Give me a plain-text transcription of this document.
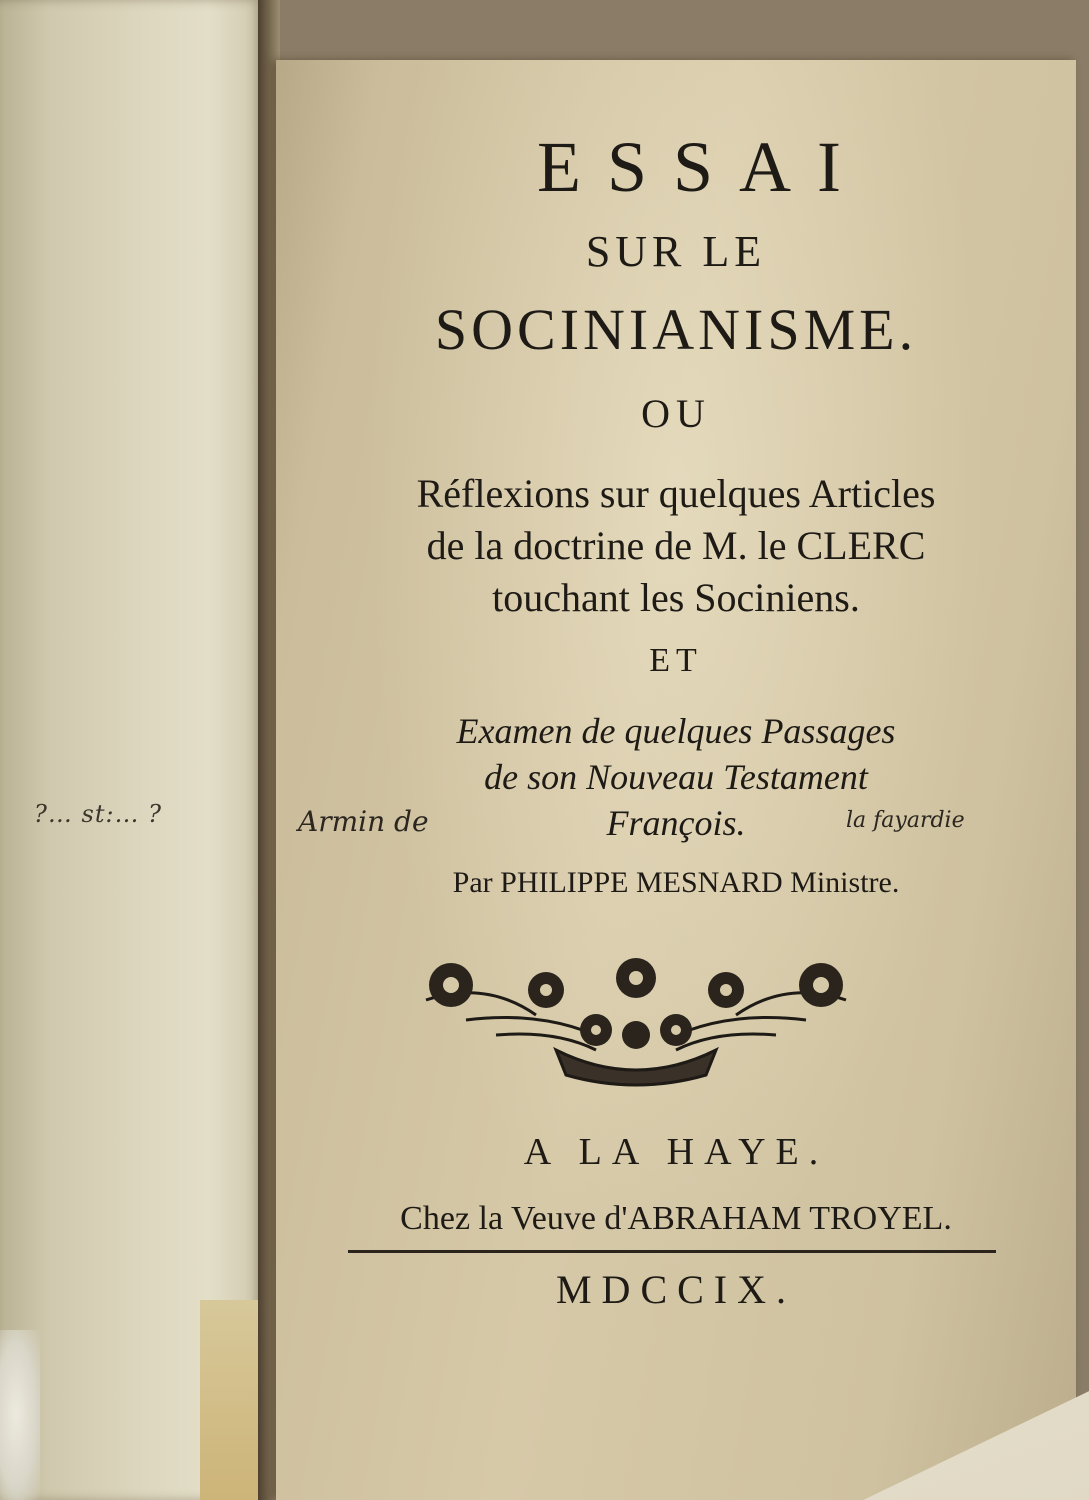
?… st:… ?
ESSAI
SUR LE
SOCINIANISME.
OU
Réflexions sur quelques Articles
de la doctrine de M. le CLERC
touchant les Sociniens.
ET
Examen de quelques Passages
de son Nouveau Testament
François.
Armin de	la fayardie
Par PHILIPPE MESNARD Ministre.
A LA HAYE.
Chez la Veuve d'ABRAHAM TROYEL.
MDCCIX.
